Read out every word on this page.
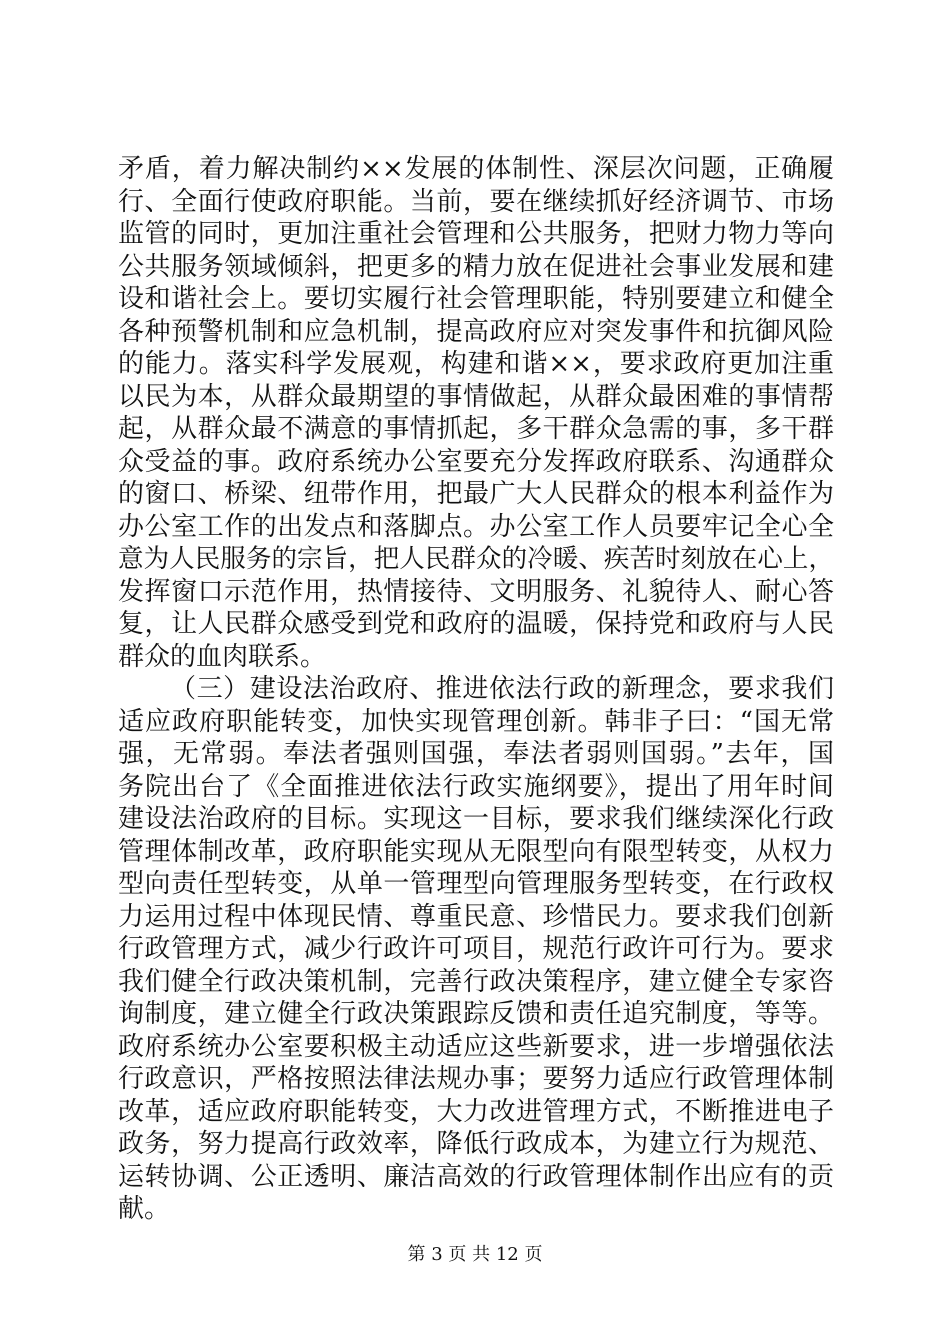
矛盾，着力解决制约××发展的体制性、深层次问题，正确履
行、全面行使政府职能。当前，要在继续抓好经济调节、市场
监管的同时，更加注重社会管理和公共服务，把财力物力等向
公共服务领域倾斜，把更多的精力放在促进社会事业发展和建
设和谐社会上。要切实履行社会管理职能，特别要建立和健全
各种预警机制和应急机制，提高政府应对突发事件和抗御风险
的能力。落实科学发展观，构建和谐××，要求政府更加注重
以民为本，从群众最期望的事情做起，从群众最困难的事情帮
起，从群众最不满意的事情抓起，多干群众急需的事，多干群
众受益的事。政府系统办公室要充分发挥政府联系、沟通群众
的窗口、桥梁、纽带作用，把最广大人民群众的根本利益作为
办公室工作的出发点和落脚点。办公室工作人员要牢记全心全
意为人民服务的宗旨，把人民群众的冷暖、疾苦时刻放在心上，
发挥窗口示范作用，热情接待、文明服务、礼貌待人、耐心答
复，让人民群众感受到党和政府的温暖，保持党和政府与人民
群众的血肉联系。
（三）建设法治政府、推进依法行政的新理念，要求我们
适应政府职能转变，加快实现管理创新。韩非子曰：“国无常
强，无常弱。奉法者强则国强，奉法者弱则国弱。”去年，国
务院出台了《全面推进依法行政实施纲要》，提出了用年时间
建设法治政府的目标。实现这一目标，要求我们继续深化行政
管理体制改革，政府职能实现从无限型向有限型转变，从权力
型向责任型转变，从单一管理型向管理服务型转变，在行政权
力运用过程中体现民情、尊重民意、珍惜民力。要求我们创新
行政管理方式，减少行政许可项目，规范行政许可行为。要求
我们健全行政决策机制，完善行政决策程序，建立健全专家咨
询制度，建立健全行政决策跟踪反馈和责任追究制度，等等。
政府系统办公室要积极主动适应这些新要求，进一步增强依法
行政意识，严格按照法律法规办事；要努力适应行政管理体制
改革，适应政府职能转变，大力改进管理方式，不断推进电子
政务，努力提高行政效率，降低行政成本，为建立行为规范、
运转协调、公正透明、廉洁高效的行政管理体制作出应有的贡
献。
第 3 页 共 12 页
